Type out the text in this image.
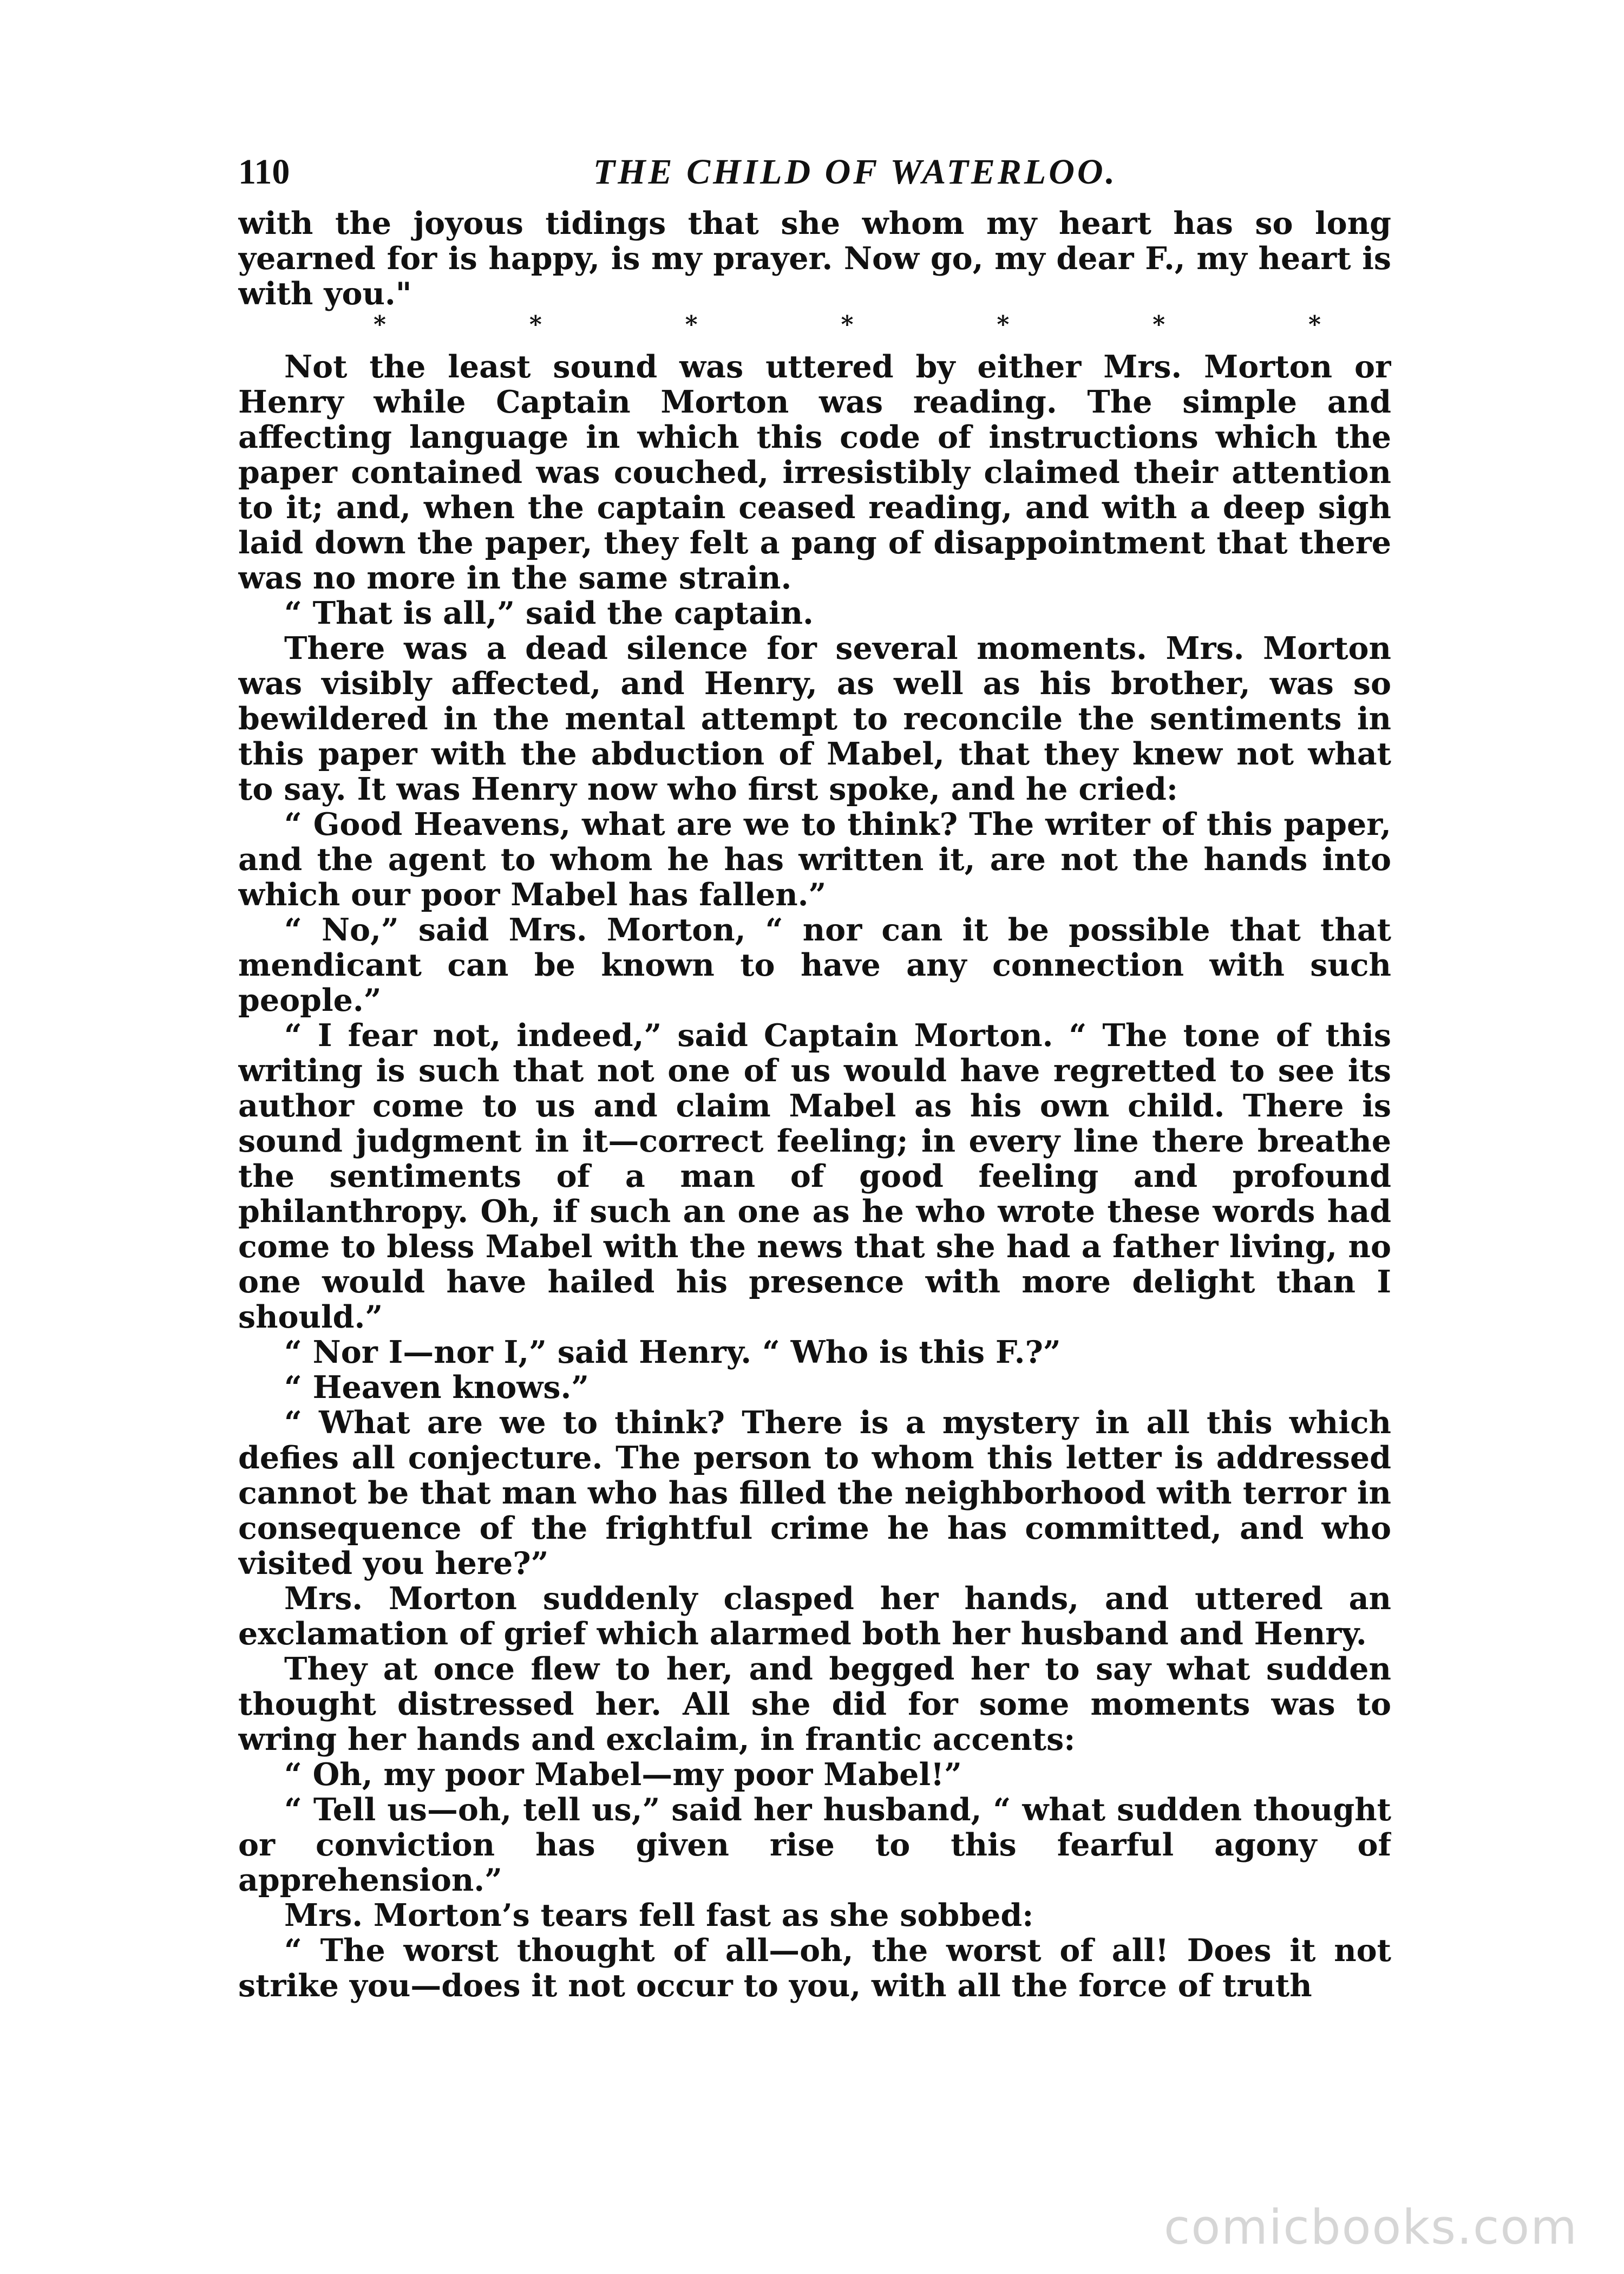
110	THE CHILD OF WATERLOO.

with the joyous tidings that she whom my heart has so long yearned for is happy, is my prayer. Now go, my dear F., my heart is with you."

*	*	*	*	*	*	*

Not the least sound was uttered by either Mrs. Morton or Henry while Captain Morton was reading. The simple and affecting language in which this code of instructions which the paper contained was couched, irresistibly claimed their attention to it; and, when the captain ceased reading, and with a deep sigh laid down the paper, they felt a pang of disappointment that there was no more in the same strain.

“ That is all,” said the captain.

There was a dead silence for several moments. Mrs. Morton was visibly affected, and Henry, as well as his brother, was so bewildered in the mental attempt to reconcile the sentiments in this paper with the abduction of Mabel, that they knew not what to say. It was Henry now who first spoke, and he cried:

“ Good Heavens, what are we to think? The writer of this paper, and the agent to whom he has written it, are not the hands into which our poor Mabel has fallen.”

“ No,” said Mrs. Morton, “ nor can it be possible that that mendicant can be known to have any connection with such people.”

“ I fear not, indeed,” said Captain Morton. “ The tone of this writing is such that not one of us would have regretted to see its author come to us and claim Mabel as his own child. There is sound judgment in it—correct feeling; in every line there breathe the sentiments of a man of good feeling and profound philanthropy. Oh, if such an one as he who wrote these words had come to bless Mabel with the news that she had a father living, no one would have hailed his presence with more delight than I should.”

“ Nor I—nor I,” said Henry. “ Who is this F.?”

“ Heaven knows.”

“ What are we to think? There is a mystery in all this which defies all conjecture. The person to whom this letter is addressed cannot be that man who has filled the neighborhood with terror in consequence of the frightful crime he has committed, and who visited you here?”

Mrs. Morton suddenly clasped her hands, and uttered an exclamation of grief which alarmed both her husband and Henry.

They at once flew to her, and begged her to say what sudden thought distressed her. All she did for some moments was to wring her hands and exclaim, in frantic accents:

“ Oh, my poor Mabel—my poor Mabel!”

“ Tell us—oh, tell us,” said her husband, “ what sudden thought or conviction has given rise to this fearful agony of apprehension.”

Mrs. Morton’s tears fell fast as she sobbed:

“ The worst thought of all—oh, the worst of all! Does it not strike you—does it not occur to you, with all the force of truth

comicbooks.com
